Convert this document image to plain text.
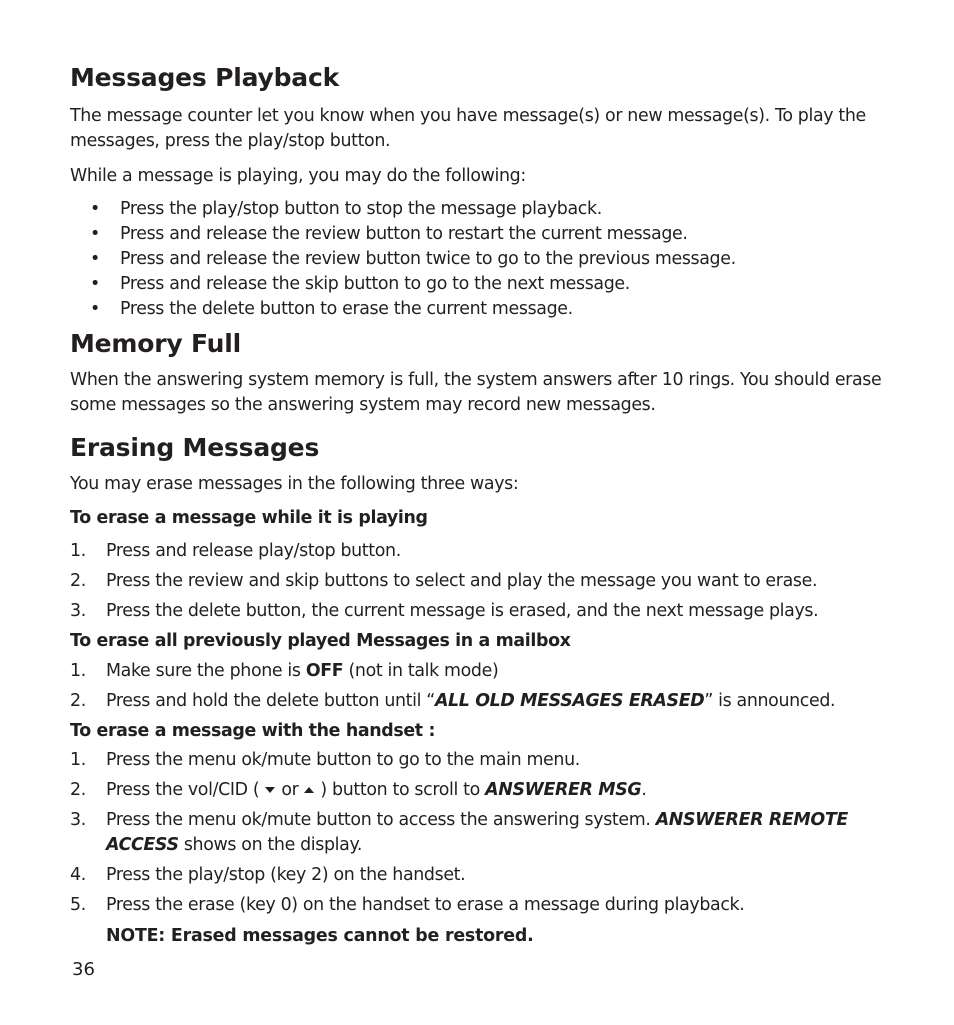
Messages Playback

The message counter let you know when you have message(s) or new message(s). To play the messages, press the play/stop button.

While a message is playing, you may do the following:

• Press the play/stop button to stop the message playback.
• Press and release the review button to restart the current message.
• Press and release the review button twice to go to the previous message.
• Press and release the skip button to go to the next message.
• Press the delete button to erase the current message.
Memory Full

When the answering system memory is full, the system answers after 10 rings. You should erase some messages so the answering system may record new messages.

Erasing Messages

You may erase messages in the following three ways:

To erase a message while it is playing

1. Press and release play/stop button.
2. Press the review and skip buttons to select and play the message you want to erase.
3. Press the delete button, the current message is erased, and the next message plays.

To erase all previously played Messages in a mailbox

1. Make sure the phone is OFF (not in talk mode)
2. Press and hold the delete button until “ALL OLD MESSAGES ERASED” is announced.

To erase a message with the handset :

1. Press the menu ok/mute button to go to the main menu.
2. Press the vol/CID ( or ) button to scroll to ANSWERER MSG.
3. Press the menu ok/mute button to access the answering system. ANSWERER REMOTE ACCESS shows on the display.
4. Press the play/stop (key 2) on the handset.
5. Press the erase (key 0) on the handset to erase a message during playback.
NOTE: Erased messages cannot be restored.
36
